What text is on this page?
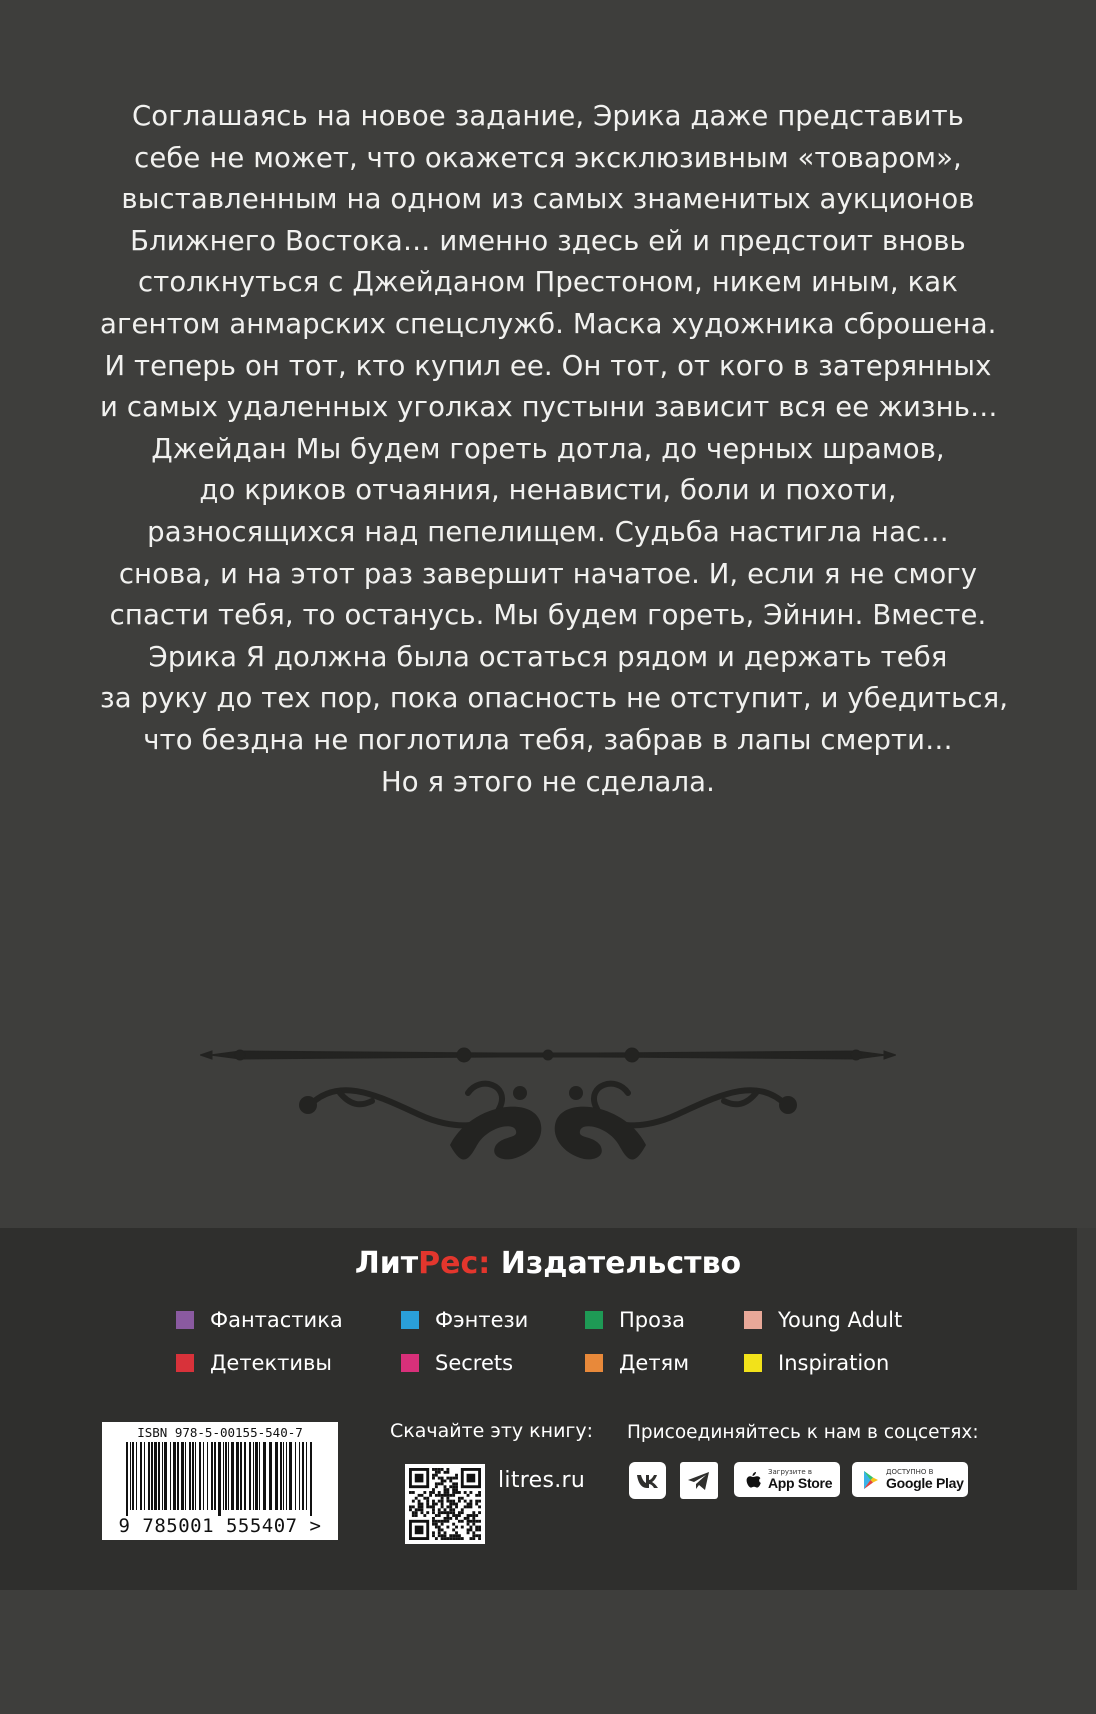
Соглашаясь на новое задание, Эрика даже представить
себе не может, что окажется эксклюзивным «товаром»,
выставленным на одном из самых знаменитых аукционов
Ближнего Востока… именно здесь ей и предстоит вновь
столкнуться с Джейданом Престоном, никем иным, как
агентом анмарских спецслужб. Маска художника сброшена.
И теперь он тот, кто купил ее. Он тот, от кого в затерянных
и самых удаленных уголках пустыни зависит вся ее жизнь…
Джейдан Мы будем гореть дотла, до черных шрамов,
до криков отчаяния, ненависти, боли и похоти,
разносящихся над пепелищем. Судьба настигла нас…
снова, и на этот раз завершит начатое. И, если я не смогу
спасти тебя, то останусь. Мы будем гореть, Эйнин. Вместе.
Эрика Я должна была остаться рядом и держать тебя
за руку до тех пор, пока опасность не отступит, и убедиться,
что бездна не поглотила тебя, забрав в лапы смерти…
Но я этого не сделала.
ЛитРес: Издательство
Фантастика
Детективы
Фэнтези
Secrets
Проза
Детям
Young Adult
Inspiration
ISBN 978-5-00155-540-7
9 785001 555407 >
Скачайте эту книгу:
litres.ru
Присоединяйтесь к нам в соцсетях:
Загрузите в
App Store
ДОСТУПНО В
Google Play
